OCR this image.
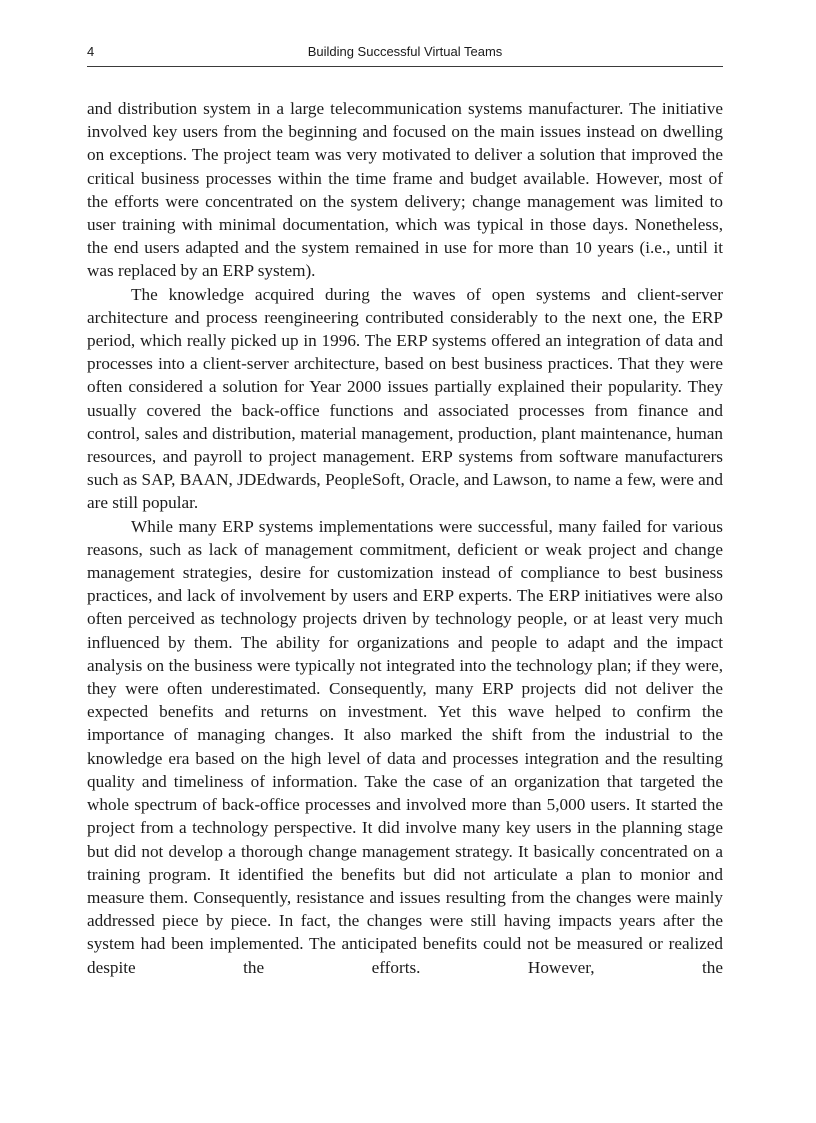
4	Building Successful Virtual Teams

and distribution system in a large telecommunication systems manufacturer. The initiative involved key users from the beginning and focused on the main issues instead on dwelling on exceptions. The project team was very motivated to deliver a solution that improved the critical business processes within the time frame and budget available. However, most of the efforts were concentrated on the system delivery; change management was limited to user training with minimal documentation, which was typical in those days. Nonetheless, the end users adapted and the system remained in use for more than 10 years (i.e., until it was replaced by an ERP system).

The knowledge acquired during the waves of open systems and client-server architecture and process reengineering contributed considerably to the next one, the ERP period, which really picked up in 1996. The ERP systems offered an integration of data and processes into a client-server architecture, based on best business practices. That they were often considered a solution for Year 2000 issues partially explained their popularity. They usually covered the back-office functions and associated processes from finance and control, sales and distribution, material management, production, plant maintenance, human resources, and payroll to project management. ERP systems from software manufacturers such as SAP, BAAN, JDEdwards, PeopleSoft, Oracle, and Lawson, to name a few, were and are still popular.

While many ERP systems implementations were successful, many failed for various reasons, such as lack of management commitment, deficient or weak project and change management strategies, desire for customization instead of compliance to best business practices, and lack of involvement by users and ERP experts. The ERP initiatives were also often perceived as technology projects driven by technology people, or at least very much influenced by them. The ability for organizations and people to adapt and the impact analysis on the business were typically not integrated into the technology plan; if they were, they were often underestimated. Consequently, many ERP projects did not deliver the expected benefits and returns on investment. Yet this wave helped to confirm the importance of managing changes. It also marked the shift from the industrial to the knowledge era based on the high level of data and processes integration and the resulting quality and timeliness of information. Take the case of an organization that targeted the whole spectrum of back-office processes and involved more than 5,000 users. It started the project from a technology perspective. It did involve many key users in the planning stage but did not develop a thorough change management strategy. It basically concentrated on a training program. It identified the benefits but did not articulate a plan to monior and measure them. Consequently, resistance and issues resulting from the changes were mainly addressed piece by piece. In fact, the changes were still having impacts years after the system had been implemented. The anticipated benefits could not be measured or realized despite the efforts. However, the
